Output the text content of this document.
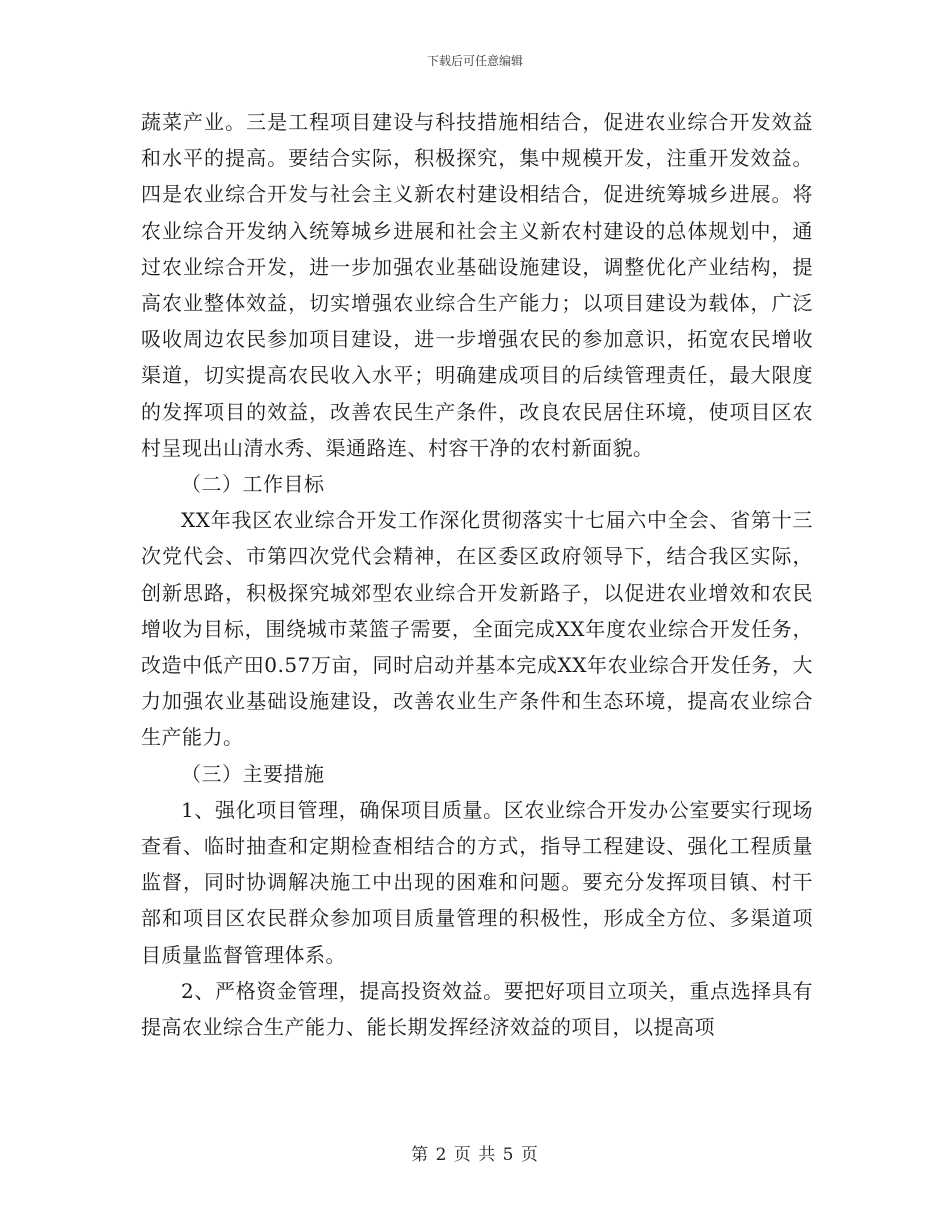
下载后可任意编辑

蔬菜产业。三是工程项目建设与科技措施相结合，促进农业综合开发效益和水平的提高。要结合实际，积极探究，集中规模开发，注重开发效益。四是农业综合开发与社会主义新农村建设相结合，促进统筹城乡进展。将农业综合开发纳入统筹城乡进展和社会主义新农村建设的总体规划中，通过农业综合开发，进一步加强农业基础设施建设，调整优化产业结构，提高农业整体效益，切实增强农业综合生产能力；以项目建设为载体，广泛吸收周边农民参加项目建设，进一步增强农民的参加意识，拓宽农民增收渠道，切实提高农民收入水平；明确建成项目的后续管理责任，最大限度的发挥项目的效益，改善农民生产条件，改良农民居住环境，使项目区农村呈现出山清水秀、渠通路连、村容干净的农村新面貌。

（二）工作目标

XX年我区农业综合开发工作深化贯彻落实十七届六中全会、省第十三次党代会、市第四次党代会精神，在区委区政府领导下，结合我区实际，创新思路，积极探究城郊型农业综合开发新路子，以促进农业增效和农民增收为目标，围绕城市菜篮子需要，全面完成XX年度农业综合开发任务，改造中低产田0.57万亩，同时启动并基本完成XX年农业综合开发任务，大力加强农业基础设施建设，改善农业生产条件和生态环境，提高农业综合生产能力。

（三）主要措施

1、强化项目管理，确保项目质量。区农业综合开发办公室要实行现场查看、临时抽查和定期检查相结合的方式，指导工程建设、强化工程质量监督，同时协调解决施工中出现的困难和问题。要充分发挥项目镇、村干部和项目区农民群众参加项目质量管理的积极性，形成全方位、多渠道项目质量监督管理体系。

2、严格资金管理，提高投资效益。要把好项目立项关，重点选择具有提高农业综合生产能力、能长期发挥经济效益的项目，以提高项

第 2 页 共 5 页
